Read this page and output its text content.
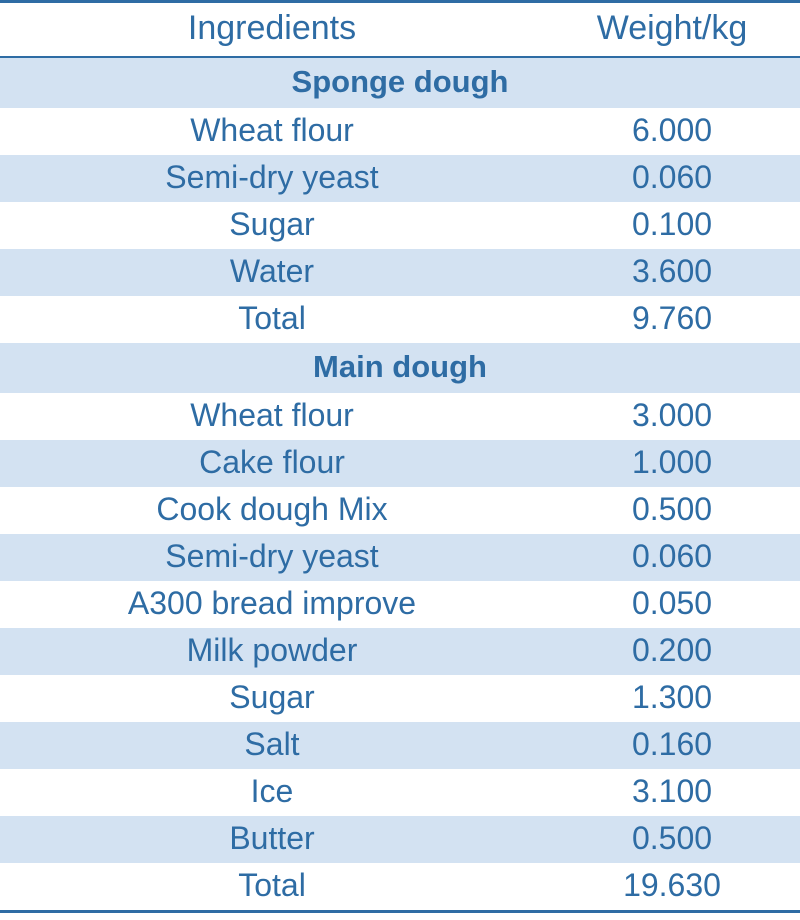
Ingredients	Weight/kg
Sponge dough	
Wheat flour	6.000
Semi-dry yeast	0.060
Sugar	0.100
Water	3.600
Total	9.760
Main dough	
Wheat flour	3.000
Cake flour	1.000
Cook dough Mix	0.500
Semi-dry yeast	0.060
A300 bread improve	0.050
Milk powder	0.200
Sugar	1.300
Salt	0.160
Ice	3.100
Butter	0.500
Total	19.630
